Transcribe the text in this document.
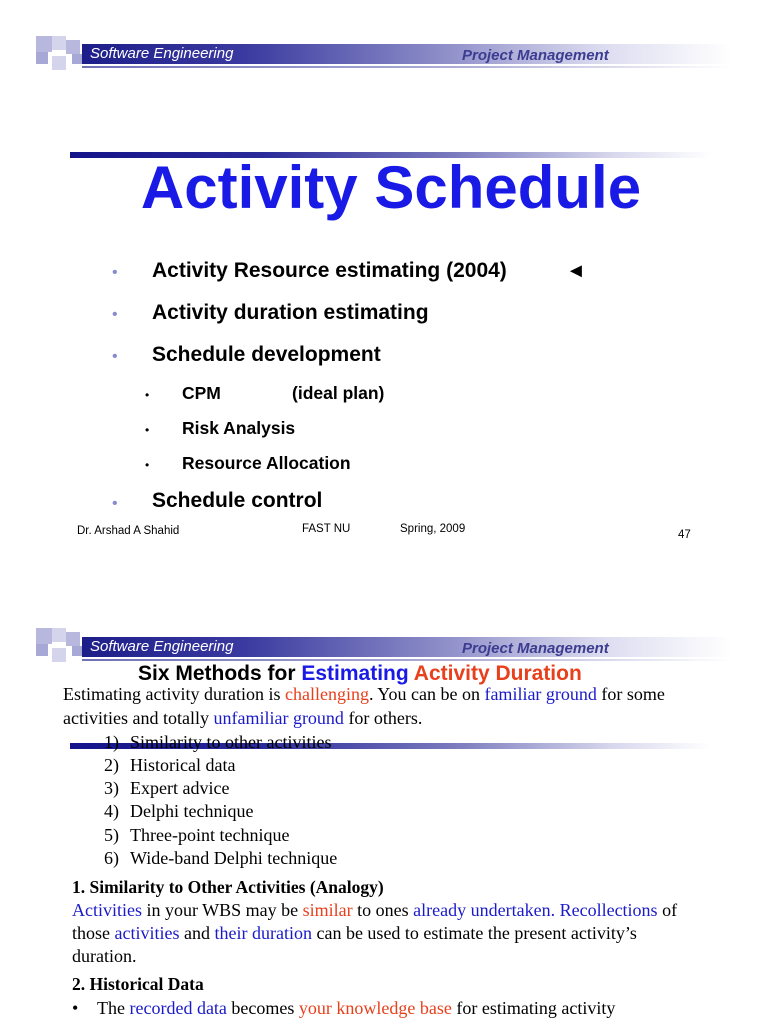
Software Engineering	Project Management
Activity Schedule
• Activity Resource estimating (2004)	◄
• Activity duration estimating
• Schedule development
• CPM	(ideal plan)
• Risk Analysis
• Resource Allocation
• Schedule control
Dr. Arshad A Shahid	FAST NU	Spring, 2009	47
Software Engineering	Project Management
Six Methods for Estimating Activity Duration
Estimating activity duration is challenging. You can be on familiar ground for some
activities and totally unfamiliar ground for others.
1) Similarity to other activities
2) Historical data
3) Expert advice
4) Delphi technique
5) Three-point technique
6) Wide-band Delphi technique
1. Similarity to Other Activities (Analogy)
Activities in your WBS may be similar to ones already undertaken. Recollections of
those activities and their duration can be used to estimate the present activity’s
duration.
2. Historical Data
• The recorded data becomes your knowledge base for estimating activity
